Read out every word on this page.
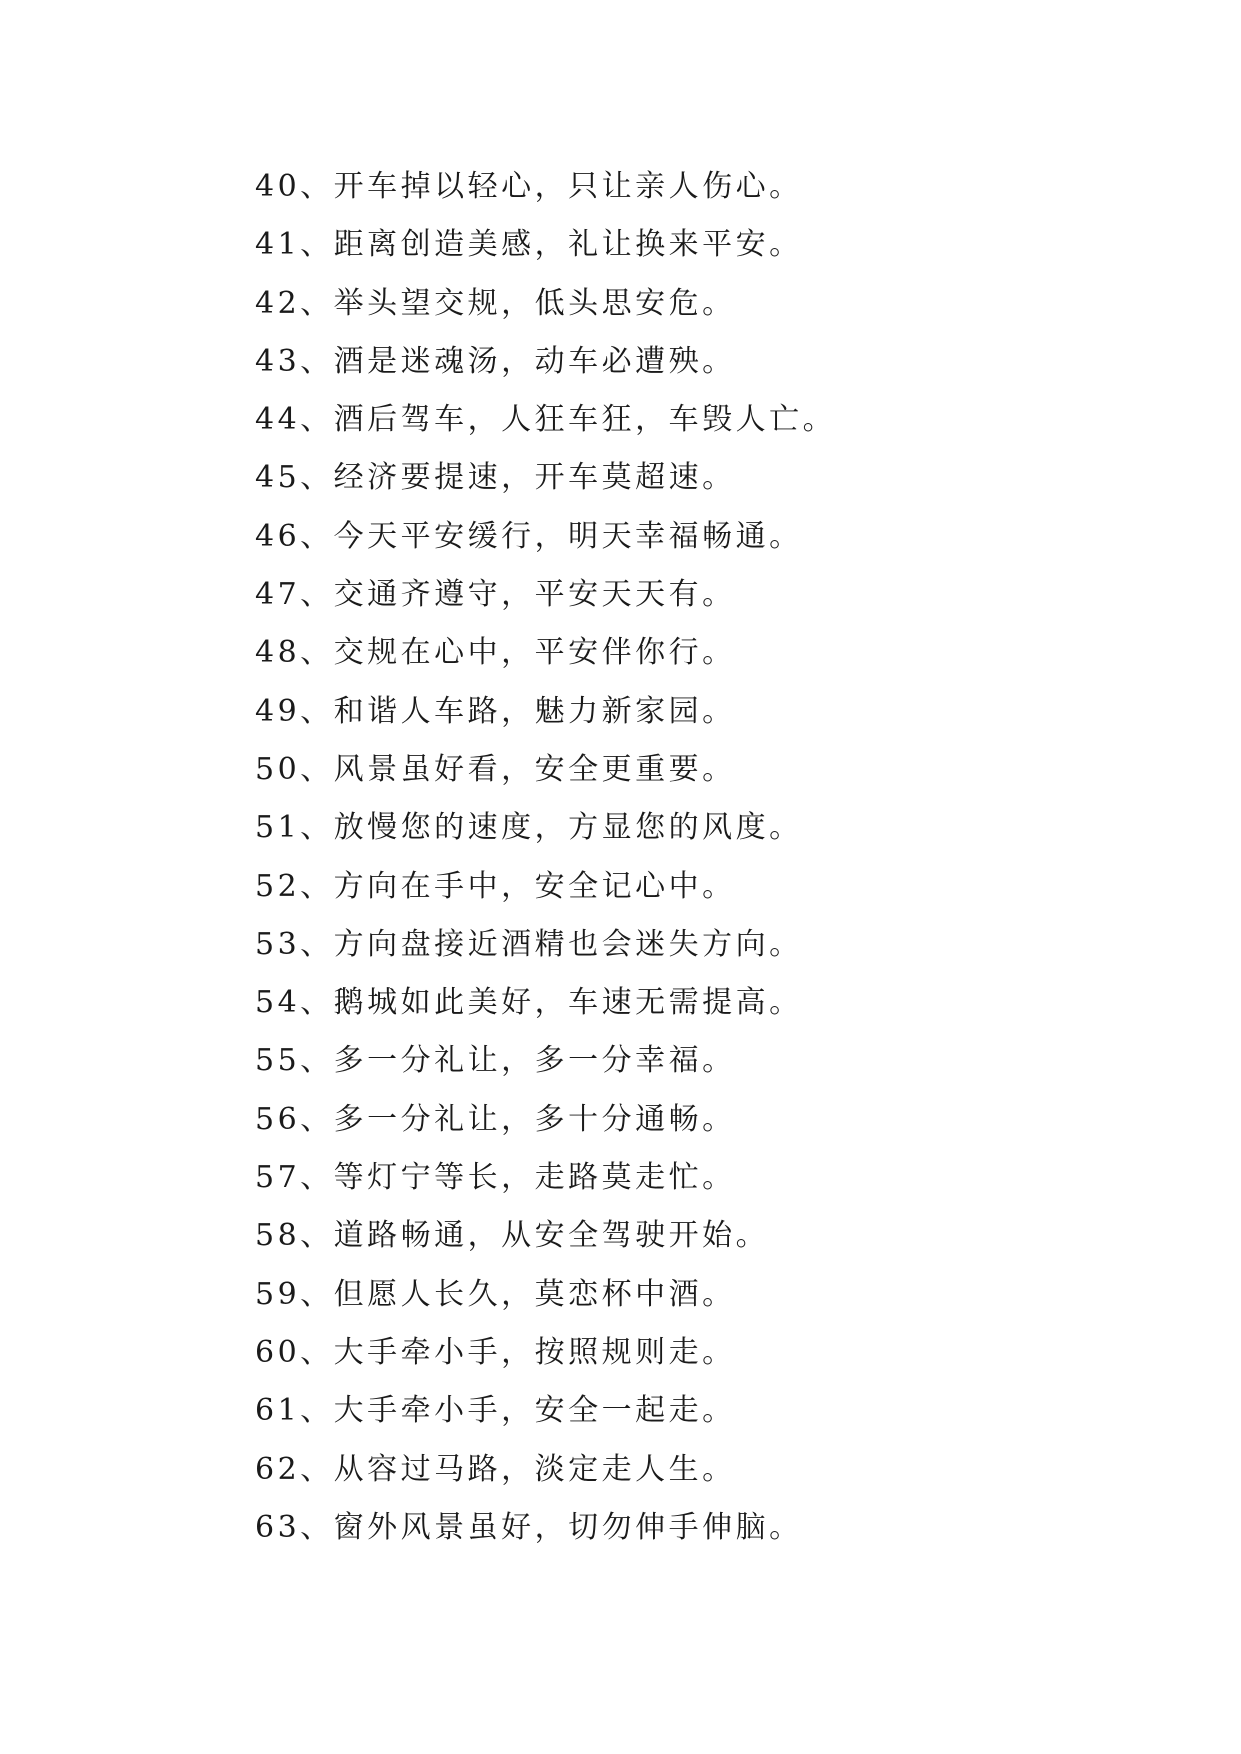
40、开车掉以轻心，只让亲人伤心。
41、距离创造美感，礼让换来平安。
42、举头望交规，低头思安危。
43、酒是迷魂汤，动车必遭殃。
44、酒后驾车，人狂车狂，车毁人亡。
45、经济要提速，开车莫超速。
46、今天平安缓行，明天幸福畅通。
47、交通齐遵守，平安天天有。
48、交规在心中，平安伴你行。
49、和谐人车路，魅力新家园。
50、风景虽好看，安全更重要。
51、放慢您的速度，方显您的风度。
52、方向在手中，安全记心中。
53、方向盘接近酒精也会迷失方向。
54、鹅城如此美好，车速无需提高。
55、多一分礼让，多一分幸福。
56、多一分礼让，多十分通畅。
57、等灯宁等长，走路莫走忙。
58、道路畅通，从安全驾驶开始。
59、但愿人长久，莫恋杯中酒。
60、大手牵小手，按照规则走。
61、大手牵小手，安全一起走。
62、从容过马路，淡定走人生。
63、窗外风景虽好，切勿伸手伸脑。
